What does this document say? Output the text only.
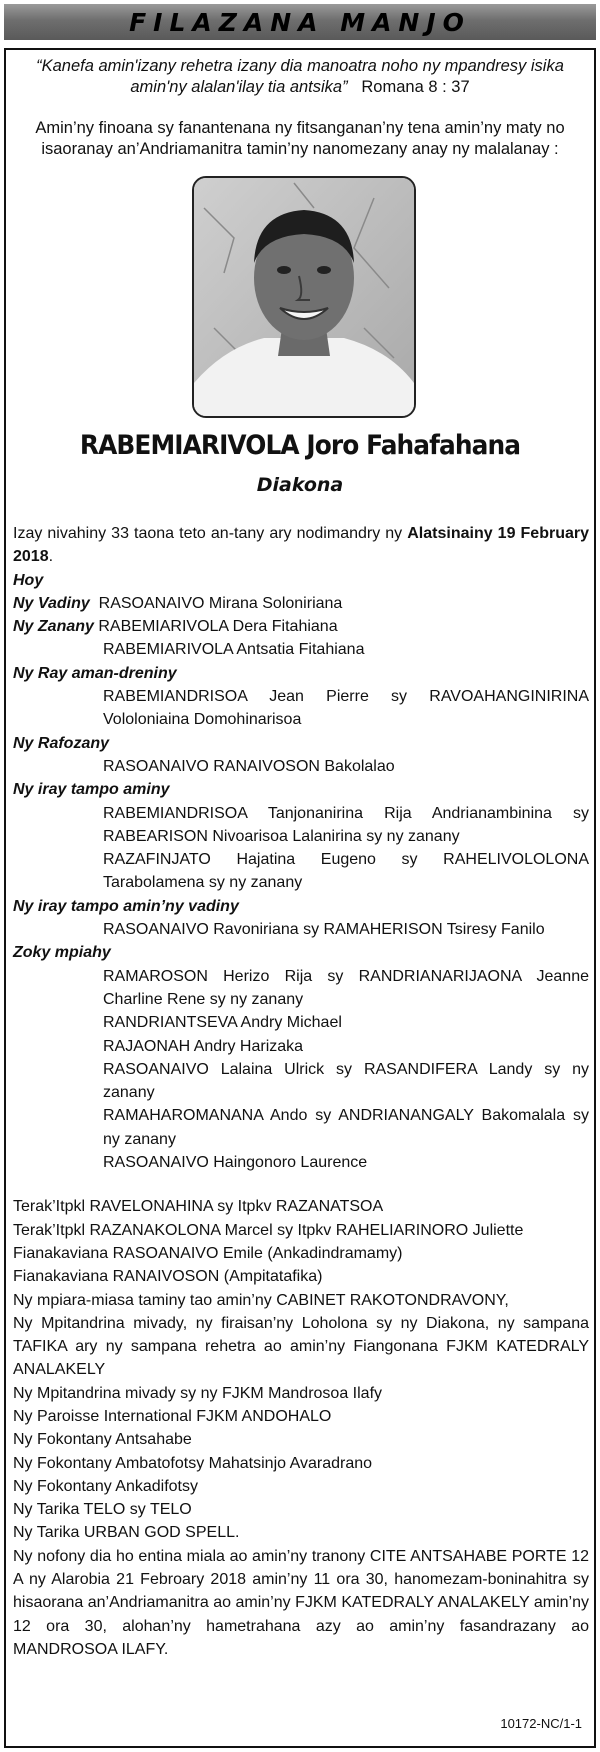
FILAZANA MANJO
“Kanefa amin'izany rehetra izany dia manoatra noho ny mpandresy isika amin'ny alalan'ilay tia antsika” Romana 8 : 37
Amin’ny finoana sy fanantenana ny fitsanganan’ny tena amin’ny maty no isaoranay an’Andriamanitra tamin’ny nanomezany anay ny malalanay :
RABEMIARIVOLA Joro Fahafahana
Diakona

Izay nivahiny 33 taona teto an-tany ary nodimandry ny Alatsinainy 19 February 2018.

Hoy

Ny Vadiny RASOANAIVO Mirana Soloniriana

Ny Zanany RABEMIARIVOLA Dera Fitahiana

RABEMIARIVOLA Antsatia Fitahiana

Ny Ray aman-dreniny

RABEMIANDRISOA Jean Pierre sy RAVOAHANGINIRINA Vololoniaina Domohinarisoa

Ny Rafozany

RASOANAIVO RANAIVOSON Bakolalao

Ny iray tampo aminy

RABEMIANDRISOA Tanjonanirina Rija Andrianambinina sy RABEARISON Nivoarisoa Lalanirina sy ny zanany

RAZAFINJATO Hajatina Eugeno sy RAHELIVOLOLONA Tarabolamena sy ny zanany

Ny iray tampo amin’ny vadiny

RASOANAIVO Ravoniriana sy RAMAHERISON Tsiresy Fanilo

Zoky mpiahy

RAMAROSON Herizo Rija sy RANDRIANARIJAONA Jeanne Charline Rene sy ny zanany

RANDRIANTSEVA Andry Michael

RAJAONAH Andry Harizaka

RASOANAIVO Lalaina Ulrick sy RASANDIFERA Landy sy ny zanany

RAMAHAROMANANA Ando sy ANDRIANANGALY Bakomalala sy ny zanany

RASOANAIVO Haingonoro Laurence

Terak’Itpkl RAVELONAHINA sy Itpkv RAZANATSOA

Terak’Itpkl RAZANAKOLONA Marcel sy Itpkv RAHELIARINORO Juliette

Fianakaviana RASOANAIVO Emile (Ankadindramamy)

Fianakaviana RANAIVOSON (Ampitatafika)

Ny mpiara-miasa taminy tao amin’ny CABINET RAKOTONDRAVONY,

Ny Mpitandrina mivady, ny firaisan’ny Loholona sy ny Diakona, ny sampana TAFIKA ary ny sampana rehetra ao amin’ny Fiangonana FJKM KATEDRALY ANALAKELY

Ny Mpitandrina mivady sy ny FJKM Mandrosoa Ilafy

Ny Paroisse International FJKM ANDOHALO

Ny Fokontany Antsahabe

Ny Fokontany Ambatofotsy Mahatsinjo Avaradrano

Ny Fokontany Ankadifotsy

Ny Tarika TELO sy TELO

Ny Tarika URBAN GOD SPELL.

Ny nofony dia ho entina miala ao amin’ny tranony CITE ANTSAHABE PORTE 12 A ny Alarobia 21 Febroary 2018 amin’ny 11 ora 30, hanomezam-boninahitra sy hisaorana an’Andriamanitra ao amin’ny FJKM KATEDRALY ANALAKELY amin’ny 12 ora 30, alohan’ny hametrahana azy ao amin’ny fasandrazany ao MANDROSOA ILAFY.

10172-NC/1-1
